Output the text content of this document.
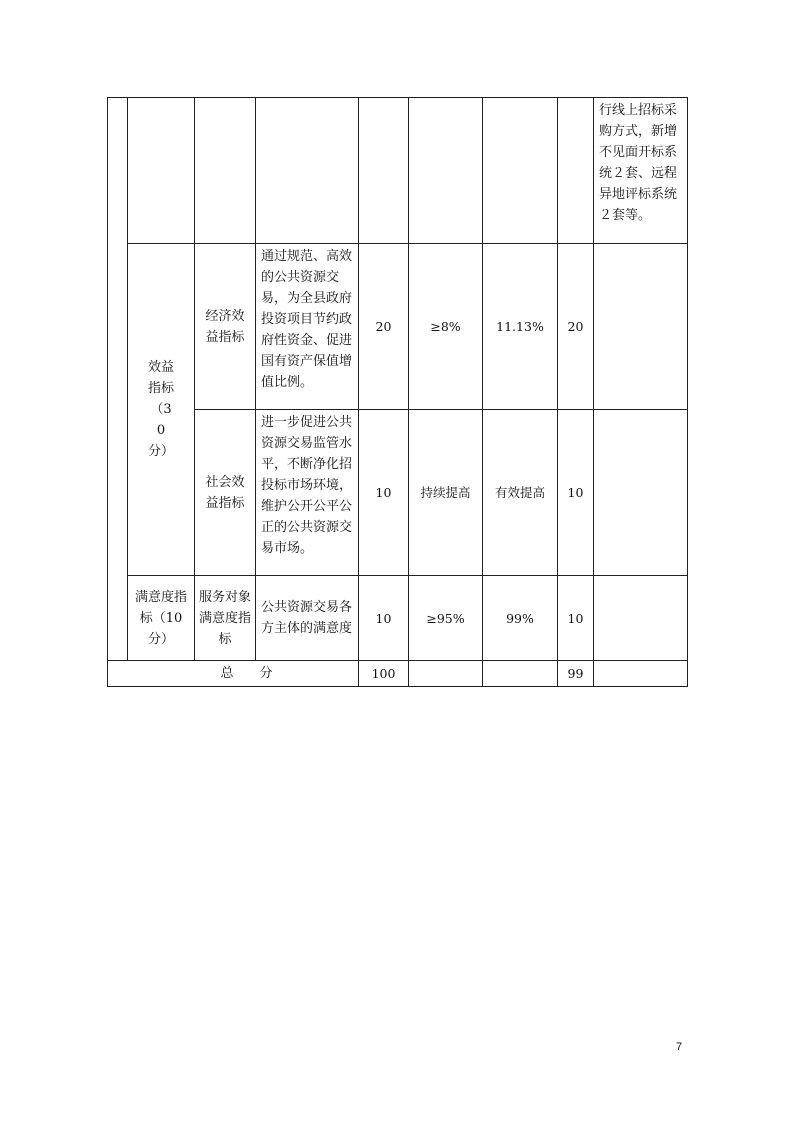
								行线上招标采购方式，新增不见面开标系统２套、远程异地评标系统２套等。
	效益指标（30分）	经济效益指标	通过规范、高效的公共资源交易，为全县政府投资项目节约政府性资金、促进国有资产保值增值比例。	20	≥8%	11.13%	20	
		社会效益指标	进一步促进公共资源交易监管水平，不断净化招投标市场环境，维护公开公平公正的公共资源交易市场。	10	持续提高	有效提高	10	
	满意度指标（10分）	服务对象满意度指标	公共资源交易各方主体的满意度	10	≥95%	99%	10	
总　　分				100			99	
7
